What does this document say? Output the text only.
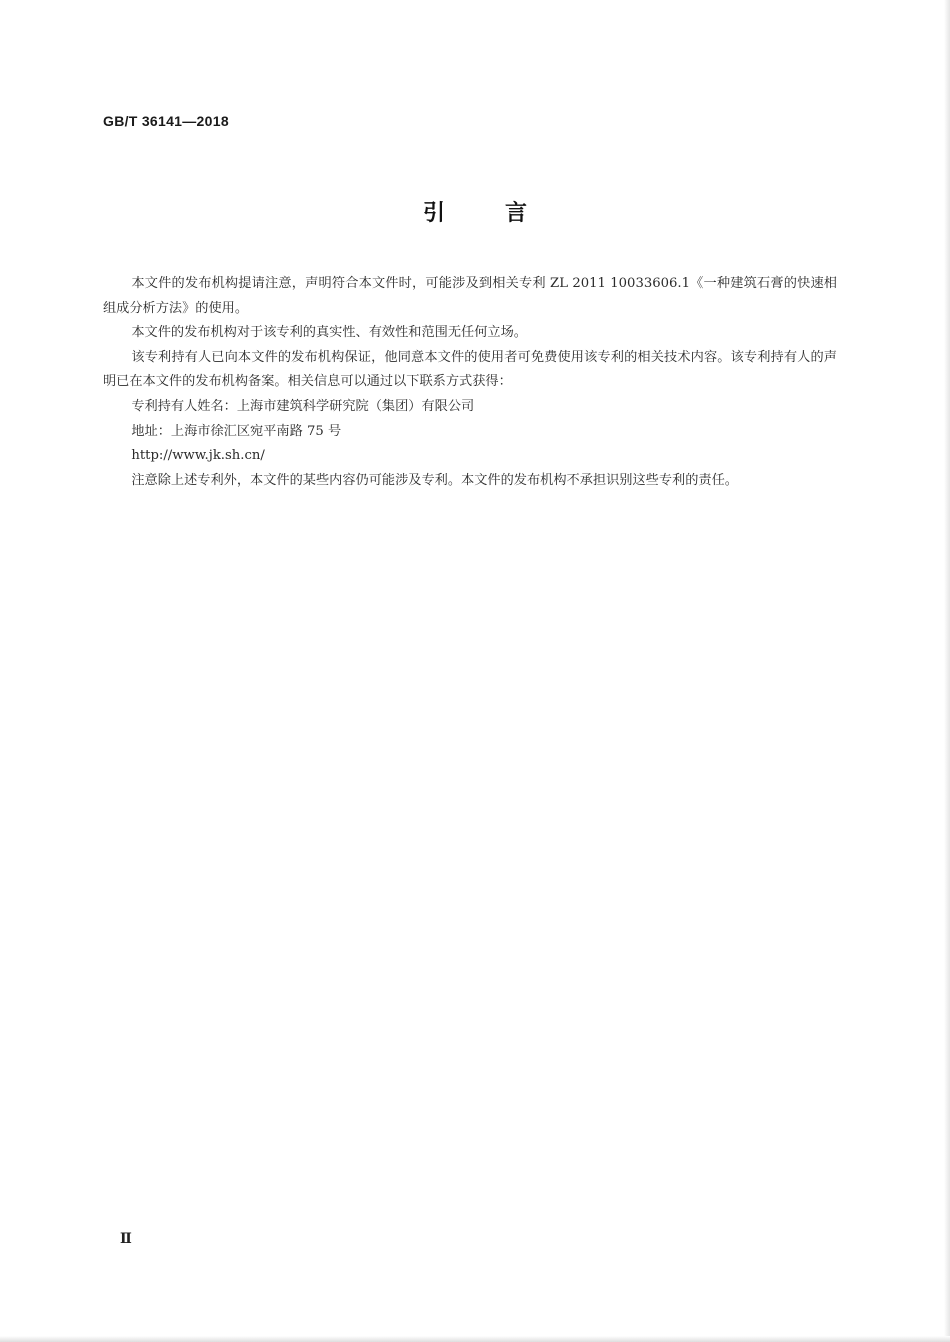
GB/T 36141—2018
引言

本文件的发布机构提请注意，声明符合本文件时，可能涉及到相关专利 ZL 2011 10033606.1《一种建筑石膏的快速相组成分析方法》的使用。

本文件的发布机构对于该专利的真实性、有效性和范围无任何立场。

该专利持有人已向本文件的发布机构保证，他同意本文件的使用者可免费使用该专利的相关技术内容。该专利持有人的声明已在本文件的发布机构备案。相关信息可以通过以下联系方式获得：

专利持有人姓名：上海市建筑科学研究院（集团）有限公司

地址：上海市徐汇区宛平南路 75 号

http://www.jk.sh.cn/

注意除上述专利外，本文件的某些内容仍可能涉及专利。本文件的发布机构不承担识别这些专利的责任。

Ⅱ
